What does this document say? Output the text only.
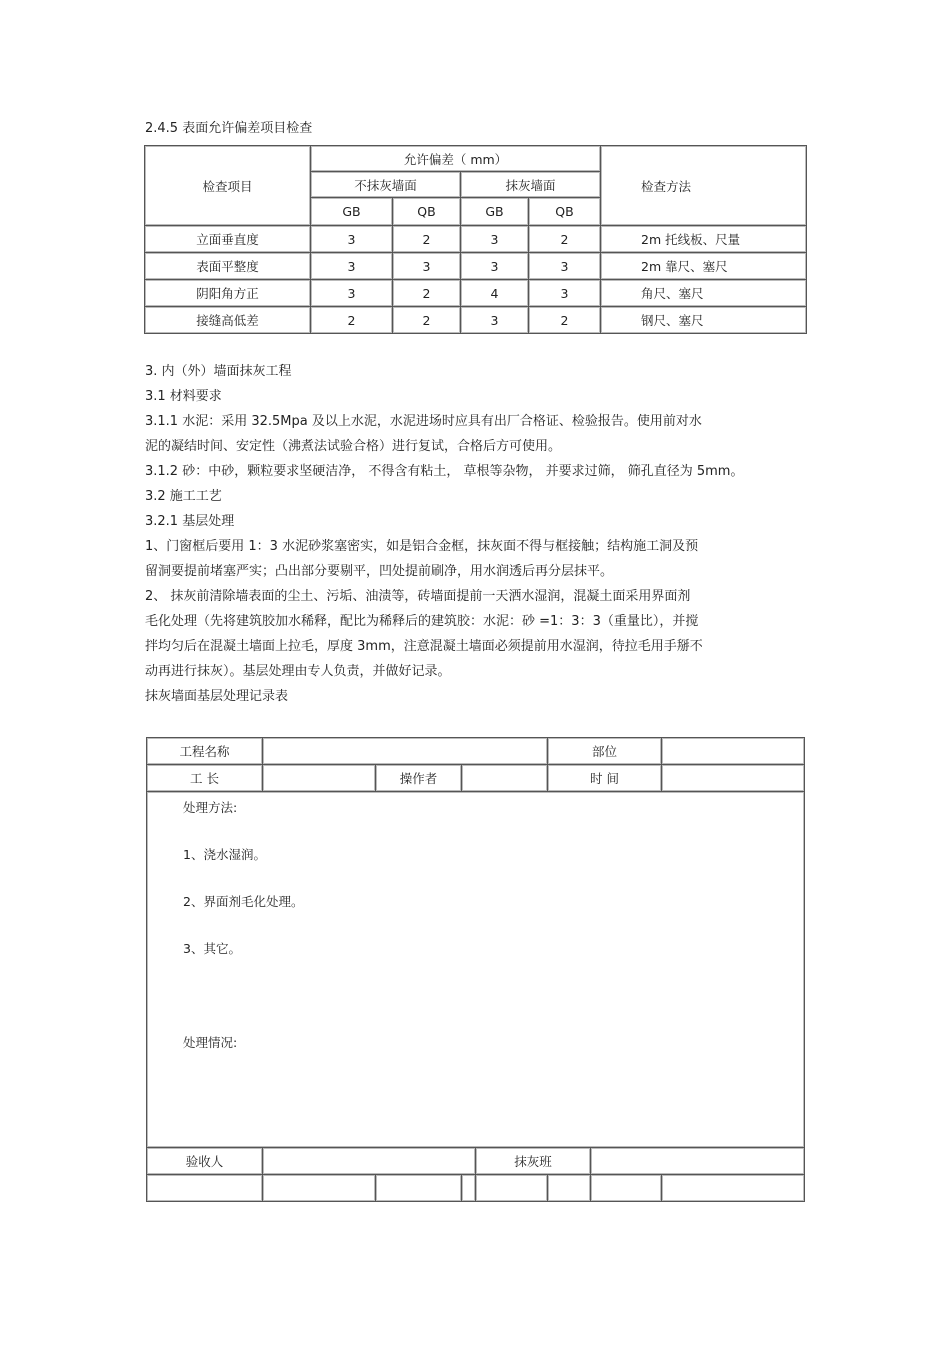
2.4.5 表面允许偏差项目检查
检查项目	允许偏差（ mm）				检查方法
	不抹灰墙面		抹灰墙面		
	GB	QB	GB	QB	
立面垂直度	3	2	3	2	2m 托线板、尺量
表面平整度	3	3	3	3	2m 靠尺、塞尺
阴阳角方正	3	2	4	3	角尺、塞尺
接缝高低差	2	2	3	2	钢尺、塞尺
3. 内（外）墙面抹灰工程
3.1 材料要求
3.1.1 水泥：采用 32.5Mpa 及以上水泥，水泥进场时应具有出厂合格证、检验报告。使用前对水
泥的凝结时间、安定性（沸煮法试验合格）进行复试，合格后方可使用。
3.1.2 砂：中砂，颗粒要求坚硬洁净， 不得含有粘土， 草根等杂物， 并要求过筛， 筛孔直径为 5mm。
3.2 施工工艺
3.2.1 基层处理
1、门窗框后要用 1：3 水泥砂浆塞密实，如是铝合金框，抹灰面不得与框接触；结构施工洞及预
留洞要提前堵塞严实；凸出部分要剔平，凹处提前刷净，用水润透后再分层抹平。
2、 抹灰前清除墙表面的尘土、污垢、油渍等，砖墙面提前一天洒水湿润，混凝土面采用界面剂
毛化处理（先将建筑胶加水稀释，配比为稀释后的建筑胶：水泥：砂 =1：3：3（重量比），并搅
拌均匀后在混凝土墙面上拉毛，厚度 3mm，注意混凝土墙面必须提前用水湿润，待拉毛用手掰不
动再进行抹灰）。基层处理由专人负责，并做好记录。
抹灰墙面基层处理记录表
工程名称					部位		
工 长		操作者			时 间		

处理方法:
1、浇水湿润。
2、界面剂毛化处理。
3、其它。
处理情况:							

验收人				抹灰班			
